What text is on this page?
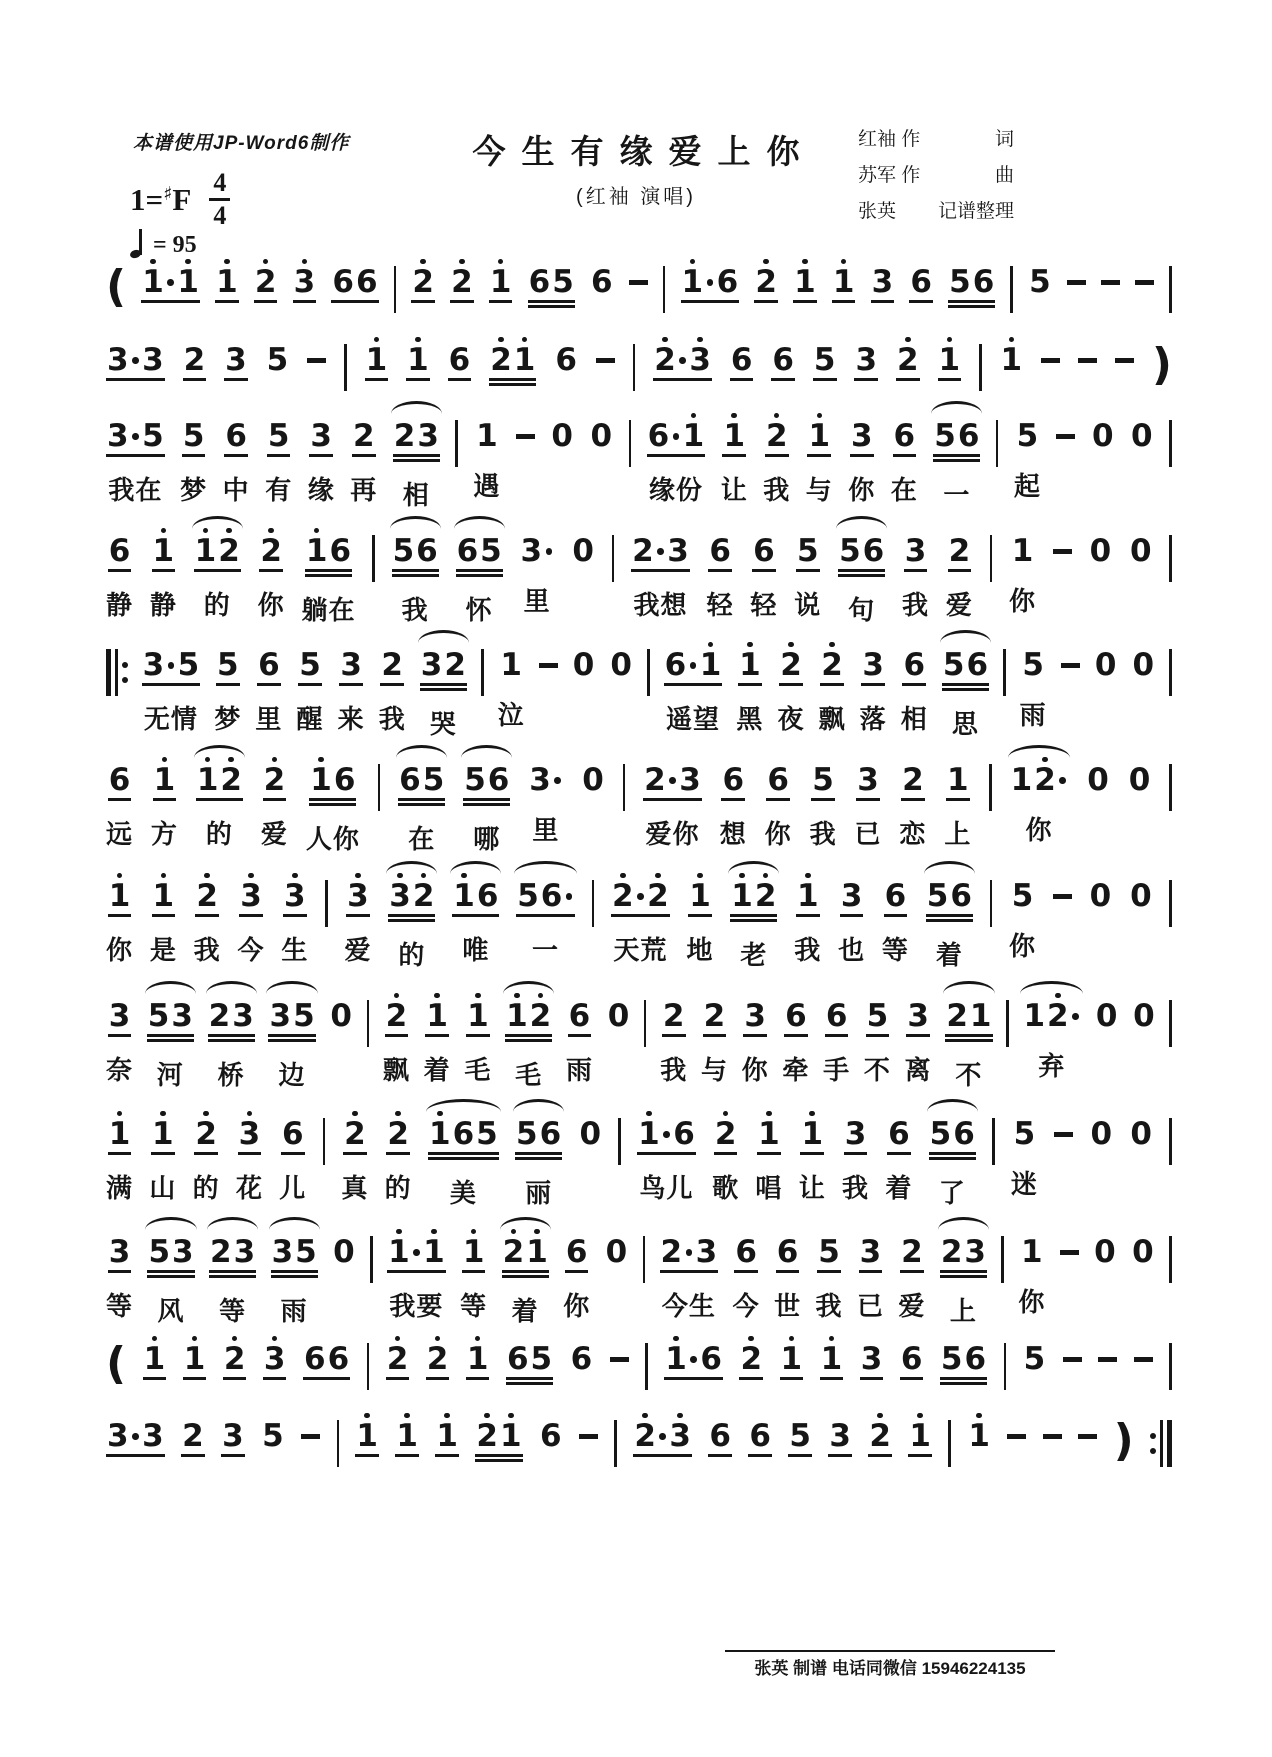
本谱使用JP-Word6制作	今生有缘爱上你
(红袖 演唱)
红袖 作	词
苏军 作	曲
张英 记谱整理
$1=^♯F \frac{4}{4}$
= 95
( 1 1 1 2 3 6 6 2 2 1 6 5 6 1 6 2 1 1 3 6 5 6 5
3 3 2 3 5 1 1 6 2 1 6 2 3 6 6 5 3 2 1 1	)
3 5
我在
5
梦
6
中
5
有
3
缘
2
再
2 3
相
1
遇
0 0 6 1
缘份
1
让
2
我
1
与
3
你
6
在
5 6
一
5
起
0 0
6
静
1
静
1 2
的
2
你
1 6
躺在
5 6
我
6 5
怀
3
里
0 2 3
我想
6
轻
6
轻
5
说
5 6
句
3
我
2
爱
1
你
0 0
3 5
无情
5
梦
6
里
5
醒
3
来
2
我
3 2
哭
1
泣
0 0 6 1
遥望
1
黑
2
夜
2
飘
3
落
6
相
5 6
思
5
雨
0 0
6
远
1
方
1 2
的
2
爱
1 6
人你
6 5
在
5 6
哪
3
里
0 2 3
爱你
6
想
6
你
5
我
3
已
2
恋
1
上
1 2
你
0 0
1
你
1
是
2
我
3
今
3
生
3
爱
3 2
的
1 6
唯
5 6
一
2 2
天荒
1
地
1 2
老
1
我
3
也
6
等
5 6
着
5
你
0 0
3
奈
5 3
河
2 3
桥
3 5
边
0 2
飘
1
着
1
毛
1 2
毛
6
雨
0 2
我
2
与
3
你
6
牵
6
手
5
不
3
离
2 1
不
1 2
弃
0 0
1
满
1
山
2
的
3
花
6
儿
2
真
2
的
1 6 5
美
5 6
丽
0 1 6
鸟儿
2
歌
1
唱
1
让
3
我
6
着
5 6
了
5
迷
0 0
3
等
5 3
风
2 3
等
3 5
雨
0 1 1
我要
1
等
2 1
着
6
你
0 2 3
今生
6
今
6
世
5
我
3
已
2
爱
2 3
上
1
你
0 0
( 1 1 2 3 6 6 2 2 1 6 5 6 1 6 2 1 1 3 6 5 6 5
3 3 2 3 5 1 1 1 2 1 6 2 3 6 6 5 3 2 1 1	)
张英 制谱 电话同微信 15946224135
